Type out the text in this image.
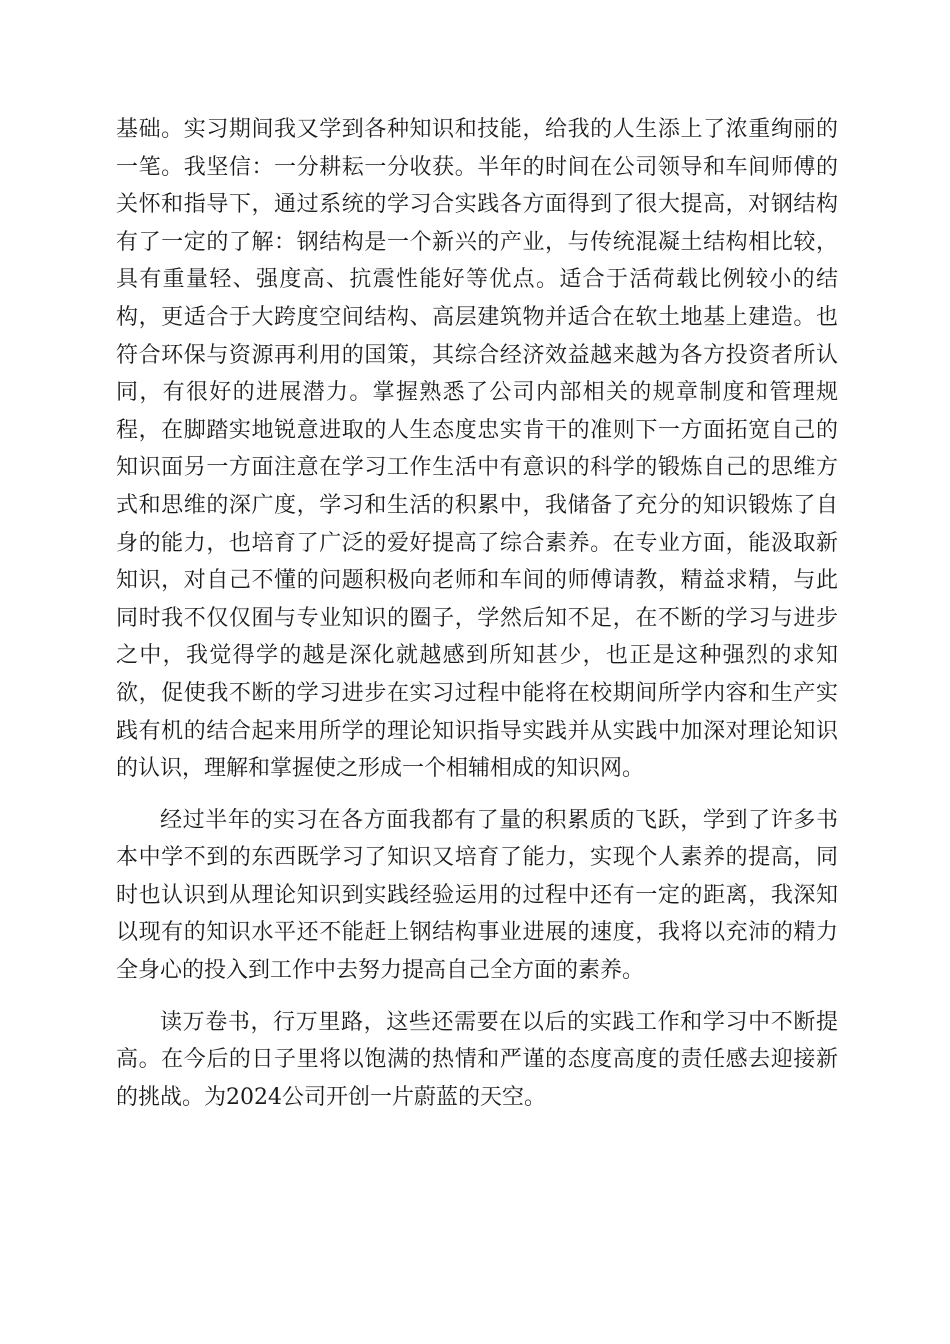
基础。实习期间我又学到各种知识和技能，给我的人生添上了浓重绚丽的一笔。我坚信：一分耕耘一分收获。半年的时间在公司领导和车间师傅的关怀和指导下，通过系统的学习合实践各方面得到了很大提高，对钢结构有了一定的了解：钢结构是一个新兴的产业，与传统混凝土结构相比较，具有重量轻、强度高、抗震性能好等优点。适合于活荷载比例较小的结构，更适合于大跨度空间结构、高层建筑物并适合在软土地基上建造。也符合环保与资源再利用的国策，其综合经济效益越来越为各方投资者所认同，有很好的进展潜力。掌握熟悉了公司内部相关的规章制度和管理规程，在脚踏实地锐意进取的人生态度忠实肯干的准则下一方面拓宽自己的知识面另一方面注意在学习工作生活中有意识的科学的锻炼自己的思维方式和思维的深广度，学习和生活的积累中，我储备了充分的知识锻炼了自身的能力，也培育了广泛的爱好提高了综合素养。在专业方面，能汲取新知识，对自己不懂的问题积极向老师和车间的师傅请教，精益求精，与此同时我不仅仅囿与专业知识的圈子，学然后知不足，在不断的学习与进步之中，我觉得学的越是深化就越感到所知甚少，也正是这种强烈的求知欲，促使我不断的学习进步在实习过程中能将在校期间所学内容和生产实践有机的结合起来用所学的理论知识指导实践并从实践中加深对理论知识的认识，理解和掌握使之形成一个相辅相成的知识网。

经过半年的实习在各方面我都有了量的积累质的飞跃，学到了许多书本中学不到的东西既学习了知识又培育了能力，实现个人素养的提高，同时也认识到从理论知识到实践经验运用的过程中还有一定的距离，我深知以现有的知识水平还不能赶上钢结构事业进展的速度，我将以充沛的精力全身心的投入到工作中去努力提高自己全方面的素养。

读万卷书，行万里路，这些还需要在以后的实践工作和学习中不断提高。在今后的日子里将以饱满的热情和严谨的态度高度的责任感去迎接新的挑战。为2024公司开创一片蔚蓝的天空。
